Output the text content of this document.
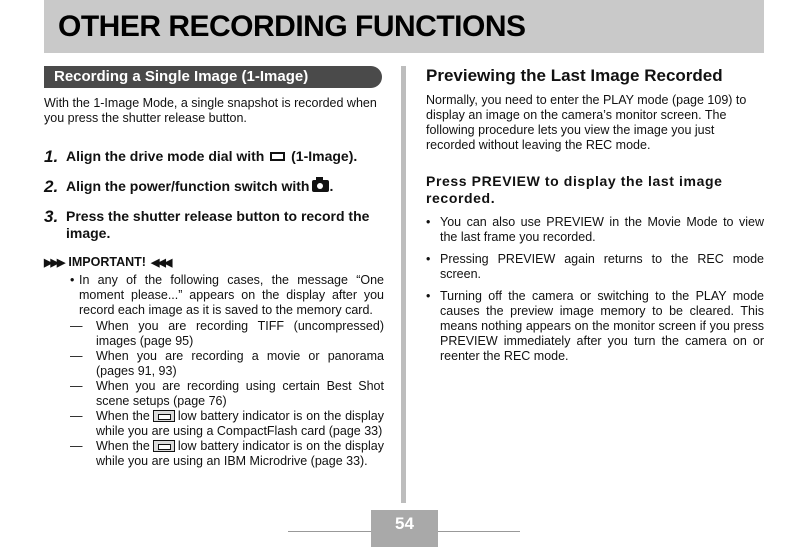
OTHER RECORDING FUNCTIONS
Recording a Single Image (1-Image)

With the 1-Image Mode, a single snapshot is recorded when you press the shutter release button.

1. Align the drive mode dial with (1-Image).
2. Align the power/function switch with .
3. Press the shutter release button to record the image.
▶▶▶ IMPORTANT! ◀◀◀
• In any of the following cases, the message “One moment please...” appears on the display after you record each image as it is saved to the memory card.
—	When you are recording TIFF (uncompressed) images (page 95)
—	When you are recording a movie or panorama (pages 91, 93)
—	When you are recording using certain Best Shot scene setups (page 76)
—	When the low battery indicator is on the display while you are using a CompactFlash card (page 33)
—	When the low battery indicator is on the display while you are using an IBM Microdrive (page 33).
Previewing the Last Image Recorded

Normally, you need to enter the PLAY mode (page 109) to display an image on the camera’s monitor screen. The following procedure lets you view the image you just recorded without leaving the REC mode.

Press PREVIEW to display the last image recorded.

• You can also use PREVIEW in the Movie Mode to view the last frame you recorded.
• Pressing PREVIEW again returns to the REC mode screen.
• Turning off the camera or switching to the PLAY mode causes the preview image memory to be cleared. This means nothing appears on the monitor screen if you press PREVIEW immediately after you turn the camera on or reenter the REC mode.
54
